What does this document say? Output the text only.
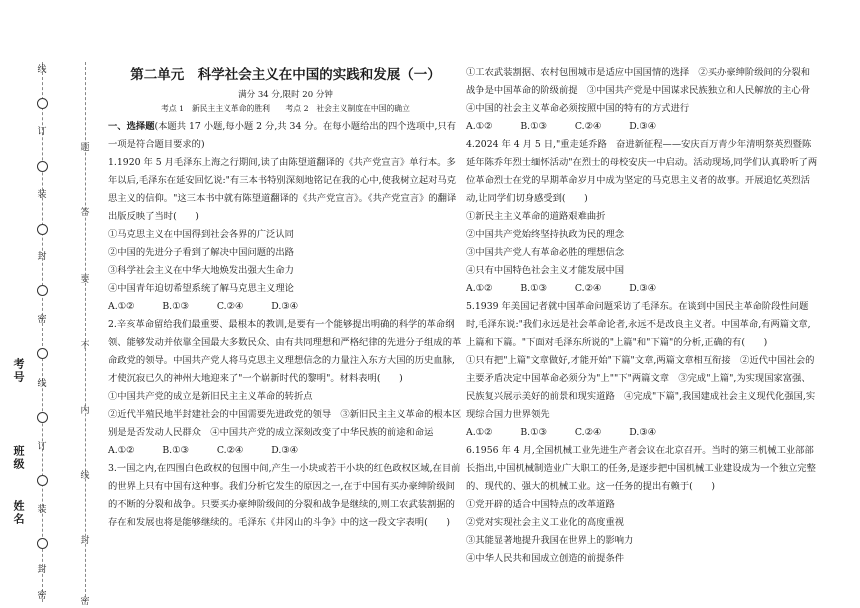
线
订
装
封
密
线
订
装
封
密
姓名
班级
考号
题
答
要
不
内
线
封
密
第二单元　科学社会主义在中国的实践和发展（一）
满分 34 分,限时 20 分钟
考点 1　新民主主义革命的胜利　　考点 2　社会主义制度在中国的确立

一、选择题(本题共 17 小题,每小题 2 分,共 34 分。在每小题给出的四个选项中,只有一项是符合题目要求的)

1.1920 年 5 月毛泽东上海之行期间,读了由陈望道翻译的《共产党宣言》单行本。多年以后,毛泽东在延安回忆说:"有三本书特别深刻地铭记在我的心中,使我树立起对马克思主义的信仰。"这三本书中就有陈望道翻译的《共产党宣言》。《共产党宣言》的翻译出版反映了当时(　　)

①马克思主义在中国得到社会各界的广泛认同

②中国的先进分子看到了解决中国问题的出路

③科学社会主义在中华大地焕发出强大生命力

④中国青年迫切希望系统了解马克思主义理论

A.①②	B.①③	C.②④	D.③④

2.辛亥革命留给我们最重要、最根本的教训,是要有一个能够提出明确的科学的革命纲领、能够发动并依靠全国最大多数民众、由有共同理想和严格纪律的先进分子组成的革命政党的领导。中国共产党人将马克思主义理想信念的力量注入东方大国的历史血脉,才使沉寂已久的神州大地迎来了"一个崭新时代的黎明"。材料表明(　　)

①中国共产党的成立是新旧民主主义革命的转折点

②近代半殖民地半封建社会的中国需要先进政党的领导　③新旧民主主义革命的根本区别是是否发动人民群众　④中国共产党的成立深刻改变了中华民族的前途和命运

A.①②	B.①③	C.②④	D.③④

3.一国之内,在四围白色政权的包围中间,产生一小块或若干小块的红色政权区域,在目前的世界上只有中国有这种事。我们分析它发生的原因之一,在于中国有买办豪绅阶级间的不断的分裂和战争。只要买办豪绅阶级间的分裂和战争是继续的,则工农武装割据的存在和发展也将是能够继续的。毛泽东《井冈山的斗争》中的这一段文字表明(　　)

①工农武装割据、农村包围城市是适应中国国情的选择　②买办豪绅阶级间的分裂和战争是中国革命的阶级前提　③中国共产党是中国谋求民族独立和人民解放的主心骨　④中国的社会主义革命必须按照中国的特有的方式进行

A.①②	B.①③	C.②④	D.③④

4.2024 年 4 月 5 日,"重走延乔路　奋进新征程——安庆百万青少年清明祭英烈暨陈延年陈乔年烈士缅怀活动"在烈士的母校安庆一中启动。活动现场,同学们认真聆听了两位革命烈士在党的早期革命岁月中成为坚定的马克思主义者的故事。开展追忆英烈活动,让同学们切身感受到(　　)

①新民主主义革命的道路艰难曲折

②中国共产党始终坚持执政为民的理念

③中国共产党人有革命必胜的理想信念

④只有中国特色社会主义才能发展中国

A.①②	B.①③	C.②④	D.③④

5.1939 年美国记者就中国革命问题采访了毛泽东。在谈到中国民主革命阶段性问题时,毛泽东说:"我们永远是社会革命论者,永远不是改良主义者。中国革命,有两篇文章,上篇和下篇。"下面对毛泽东所说的"上篇"和"下篇"的分析,正确的有(　　)

①只有把"上篇"文章做好,才能开始"下篇"文章,两篇文章相互衔接　②近代中国社会的主要矛盾决定中国革命必须分为"上""下"两篇文章　③完成"上篇",为实现国家富强、民族复兴展示美好的前景和现实道路　④完成"下篇",我国建成社会主义现代化强国,实现综合国力世界领先

A.①②	B.①③	C.②④	D.③④

6.1956 年 4 月,全国机械工业先进生产者会议在北京召开。当时的第三机械工业部部长指出,中国机械制造业广大职工的任务,是逐步把中国机械工业建设成为一个独立完整的、现代的、强大的机械工业。这一任务的提出有赖于(　　)

①党开辟的适合中国特点的改革道路

②党对实现社会主义工业化的高度重视

③其能显著地提升我国在世界上的影响力

④中华人民共和国成立创造的前提条件
